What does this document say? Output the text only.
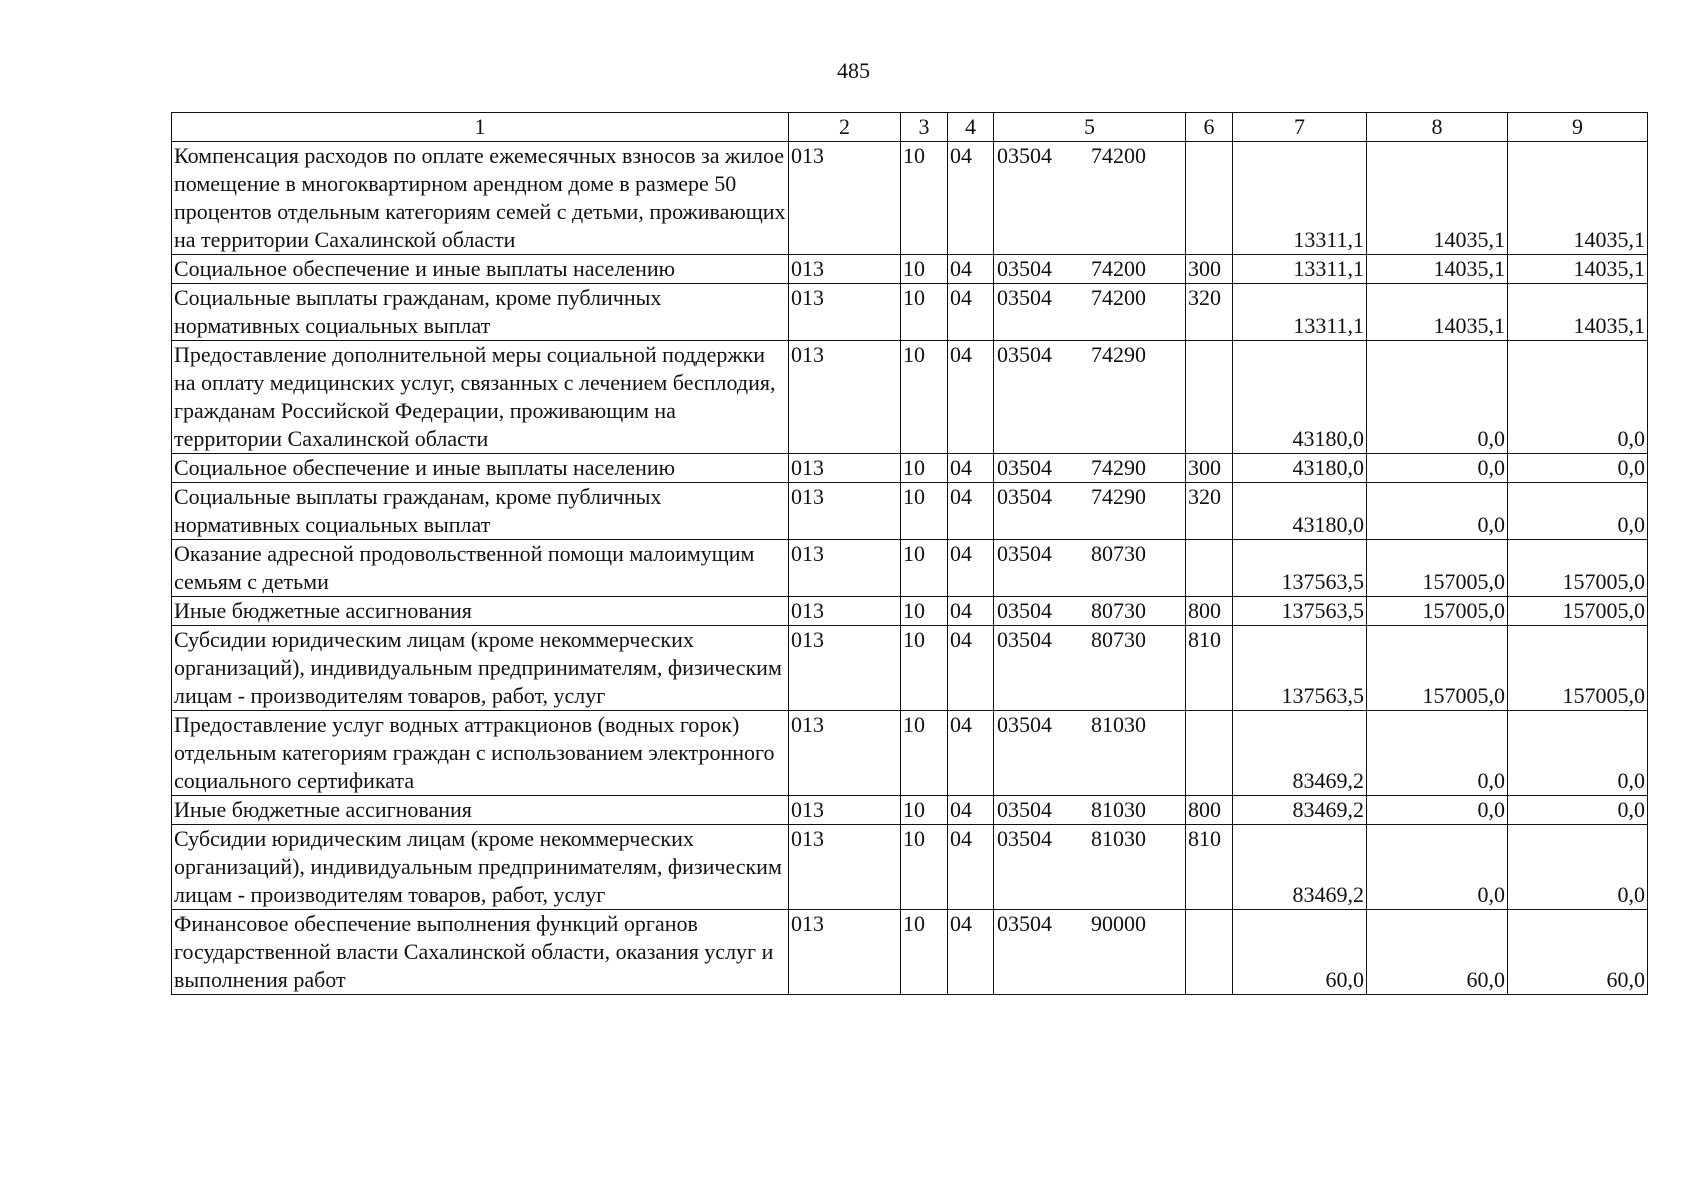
485
1	2	3	4	5	6	7	8	9
Компенсация расходов по оплате ежемесячных взносов за жилое помещение в многоквартирном арендном доме в размере 50 процентов отдельным категориям семей с детьми, проживающих на территории Сахалинской области	013	10	04	03504 74200		13311,1	14035,1	14035,1
Социальное обеспечение и иные выплаты населению	013	10	04	03504 74200	300	13311,1	14035,1	14035,1
Социальные выплаты гражданам, кроме публичных нормативных социальных выплат	013	10	04	03504 74200	320	13311,1	14035,1	14035,1
Предоставление дополнительной меры социальной поддержки на оплату медицинских услуг, связанных с лечением бесплодия, гражданам Российской Федерации, проживающим на территории Сахалинской области	013	10	04	03504 74290		43180,0	0,0	0,0
Социальное обеспечение и иные выплаты населению	013	10	04	03504 74290	300	43180,0	0,0	0,0
Социальные выплаты гражданам, кроме публичных нормативных социальных выплат	013	10	04	03504 74290	320	43180,0	0,0	0,0
Оказание адресной продовольственной помощи малоимущим семьям с детьми	013	10	04	03504 80730		137563,5	157005,0	157005,0
Иные бюджетные ассигнования	013	10	04	03504 80730	800	137563,5	157005,0	157005,0
Субсидии юридическим лицам (кроме некоммерческих организаций), индивидуальным предпринимателям, физическим лицам - производителям товаров, работ, услуг	013	10	04	03504 80730	810	137563,5	157005,0	157005,0
Предоставление услуг водных аттракционов (водных горок) отдельным категориям граждан с использованием электронного социального сертификата	013	10	04	03504 81030		83469,2	0,0	0,0
Иные бюджетные ассигнования	013	10	04	03504 81030	800	83469,2	0,0	0,0
Субсидии юридическим лицам (кроме некоммерческих организаций), индивидуальным предпринимателям, физическим лицам - производителям товаров, работ, услуг	013	10	04	03504 81030	810	83469,2	0,0	0,0
Финансовое обеспечение выполнения функций органов государственной власти Сахалинской области, оказания услуг и выполнения работ	013	10	04	03504 90000		60,0	60,0	60,0
